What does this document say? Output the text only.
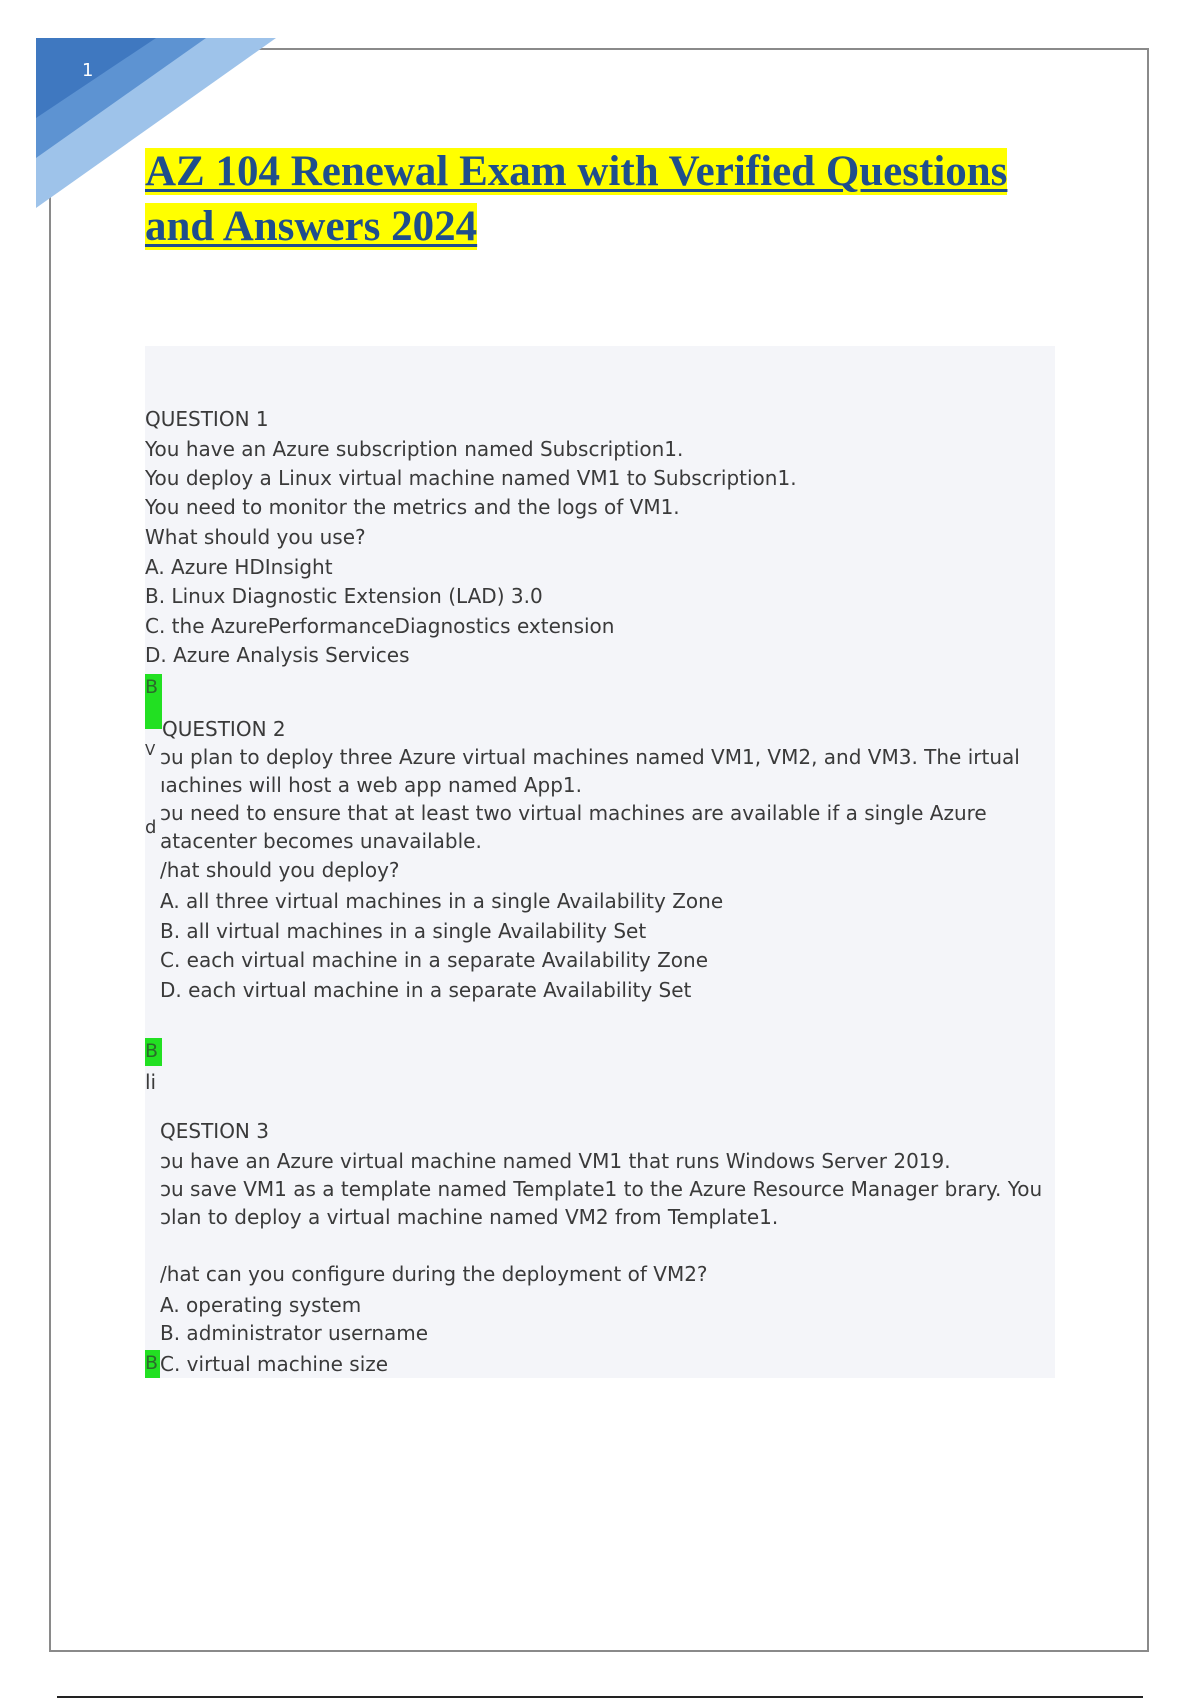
1
AZ 104 Renewal Exam with Verified Questions
and Answers 2024

QUESTION 1

You have an Azure subscription named Subscription1.

You deploy a Linux virtual machine named VM1 to Subscription1.

You need to monitor the metrics and the logs of VM1.

What should you use?

A. Azure HDInsight

B. Linux Diagnostic Extension (LAD) 3.0

C. the AzurePerformanceDiagnostics extension

D. Azure Analysis Services

B

QUESTION 2

V ɔu plan to deploy three Azure virtual machines named VM1, VM2, and VM3. The irtual

ıachines will host a web app named App1.

d

ɔu need to ensure that at least two virtual machines are available if a single Azure

atacenter becomes unavailable.

/hat should you deploy?

A. all three virtual machines in a single Availability Zone

B. all virtual machines in a single Availability Set

C. each virtual machine in a separate Availability Zone

D. each virtual machine in a separate Availability Set

B

li

QESTION 3

ɔu have an Azure virtual machine named VM1 that runs Windows Server 2019.

ɔu save VM1 as a template named Template1 to the Azure Resource Manager brary. You

ɔlan to deploy a virtual machine named VM2 from Template1.

/hat can you configure during the deployment of VM2?

A. operating system

B. administrator username

B C. virtual machine size
